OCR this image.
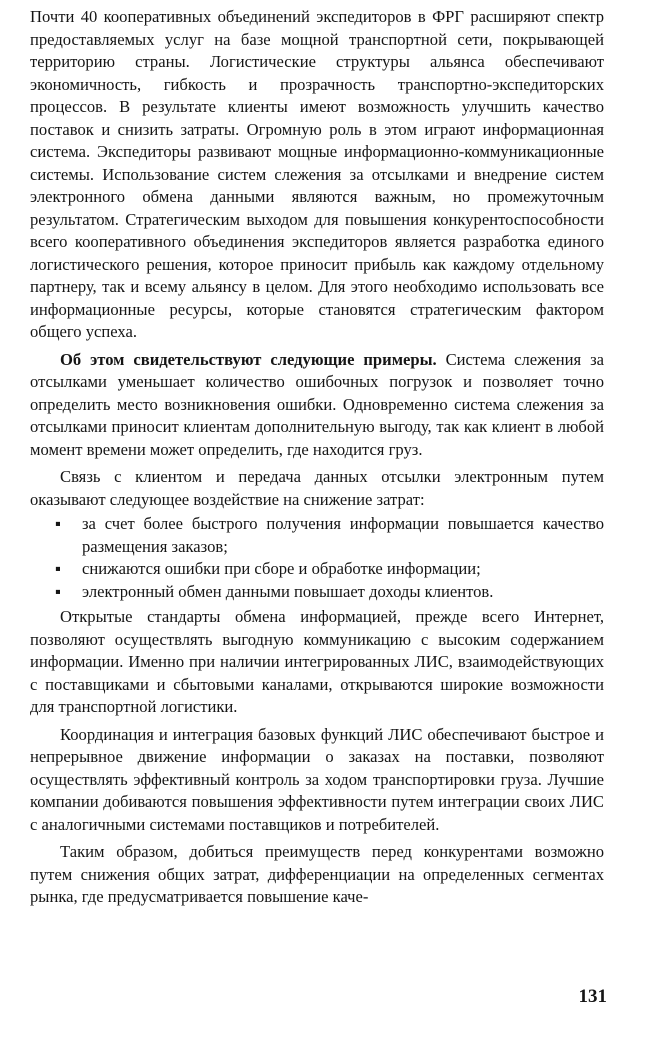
Почти 40 кооперативных объединений экспедиторов в ФРГ расширяют спектр предоставляемых услуг на базе мощной транспортной сети, покрывающей территорию страны. Логистические структуры альянса обеспечивают экономичность, гибкость и прозрачность транспортно-экспедиторских процессов. В результате клиенты имеют возможность улучшить качество поставок и снизить затраты. Огромную роль в этом играют информационная система. Экспедиторы развивают мощные информационно-коммуникационные системы. Использование систем слежения за отсылками и внедрение систем электронного обмена данными являются важным, но промежуточным результатом. Стратегическим выходом для повышения конкурентоспособности всего кооперативного объединения экспедиторов является разработка единого логистического решения, которое приносит прибыль как каждому отдельному партнеру, так и всему альянсу в целом. Для этого необходимо использовать все информационные ресурсы, которые становятся стратегическим фактором общего успеха.

Об этом свидетельствуют следующие примеры. Система слежения за отсылками уменьшает количество ошибочных погрузок и позволяет точно определить место возникновения ошибки. Одновременно система слежения за отсылками приносит клиентам дополнительную выгоду, так как клиент в любой момент времени может определить, где находится груз.

Связь с клиентом и передача данных отсылки электронным путем оказывают следующее воздействие на снижение затрат:

▪ за счет более быстрого получения информации повышается качество размещения заказов;
▪ снижаются ошибки при сборе и обработке информации;
▪ электронный обмен данными повышает доходы клиентов.

Открытые стандарты обмена информацией, прежде всего Интернет, позволяют осуществлять выгодную коммуникацию с высоким содержанием информации. Именно при наличии интегрированных ЛИС, взаимодействующих с поставщиками и сбытовыми каналами, открываются широкие возможности для транспортной логистики.

Координация и интеграция базовых функций ЛИС обеспечивают быстрое и непрерывное движение информации о заказах на поставки, позволяют осуществлять эффективный контроль за ходом транспортировки груза. Лучшие компании добиваются повышения эффективности путем интеграции своих ЛИС с аналогичными системами поставщиков и потребителей.

Таким образом, добиться преимуществ перед конкурентами возможно путем снижения общих затрат, дифференциации на определенных сегментах рынка, где предусматривается повышение каче-

131
